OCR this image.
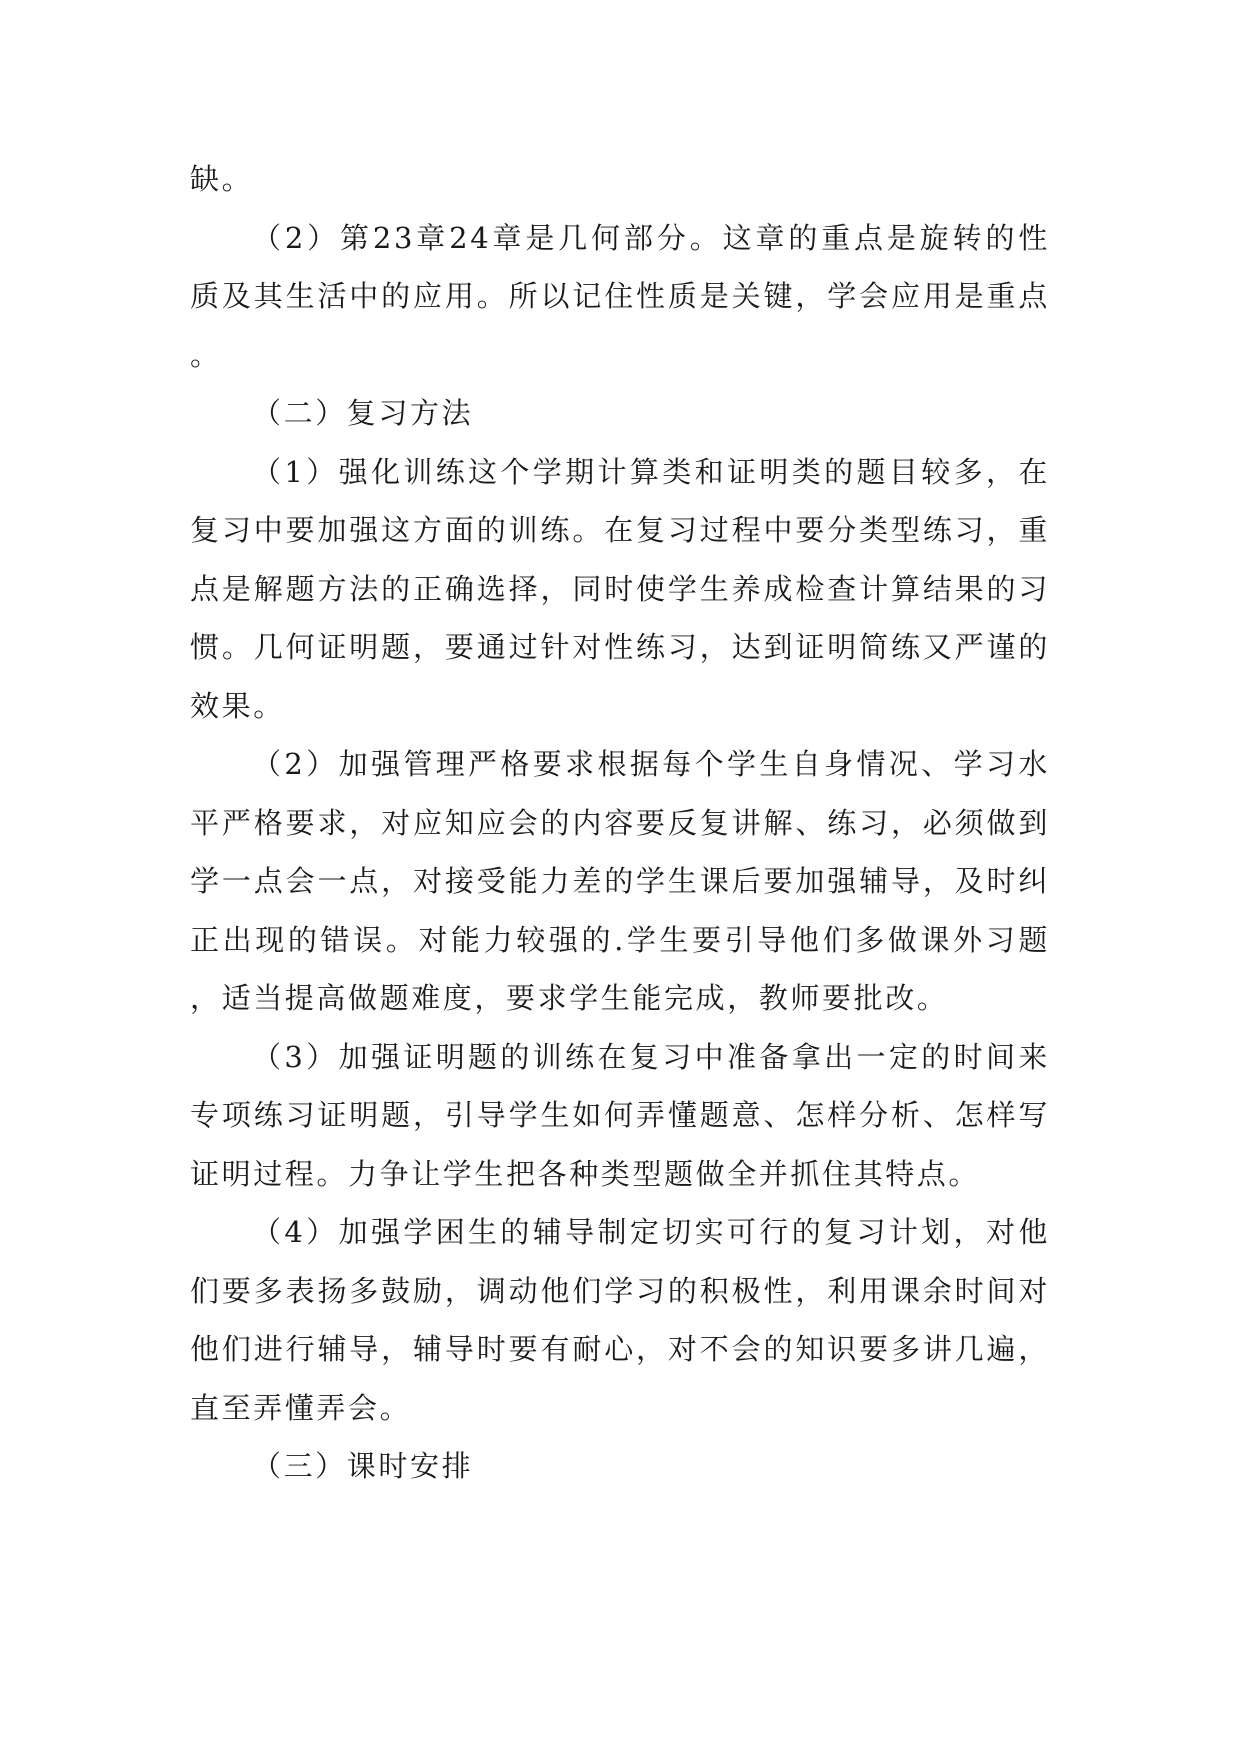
缺。

（2）第23章24章是几何部分。这章的重点是旋转的性质及其生活中的应用。所以记住性质是关键，学会应用是重点。

（二）复习方法

（1）强化训练这个学期计算类和证明类的题目较多，在复习中要加强这方面的训练。在复习过程中要分类型练习，重点是解题方法的正确选择，同时使学生养成检查计算结果的习惯。几何证明题，要通过针对性练习，达到证明简练又严谨的效果。

（2）加强管理严格要求根据每个学生自身情况、学习水平严格要求，对应知应会的内容要反复讲解、练习，必须做到学一点会一点，对接受能力差的学生课后要加强辅导，及时纠正出现的错误。对能力较强的.学生要引导他们多做课外习题，适当提高做题难度，要求学生能完成，教师要批改。

（3）加强证明题的训练在复习中准备拿出一定的时间来专项练习证明题，引导学生如何弄懂题意、怎样分析、怎样写证明过程。力争让学生把各种类型题做全并抓住其特点。

（4）加强学困生的辅导制定切实可行的复习计划，对他们要多表扬多鼓励，调动他们学习的积极性，利用课余时间对他们进行辅导，辅导时要有耐心，对不会的知识要多讲几遍，直至弄懂弄会。

（三）课时安排
